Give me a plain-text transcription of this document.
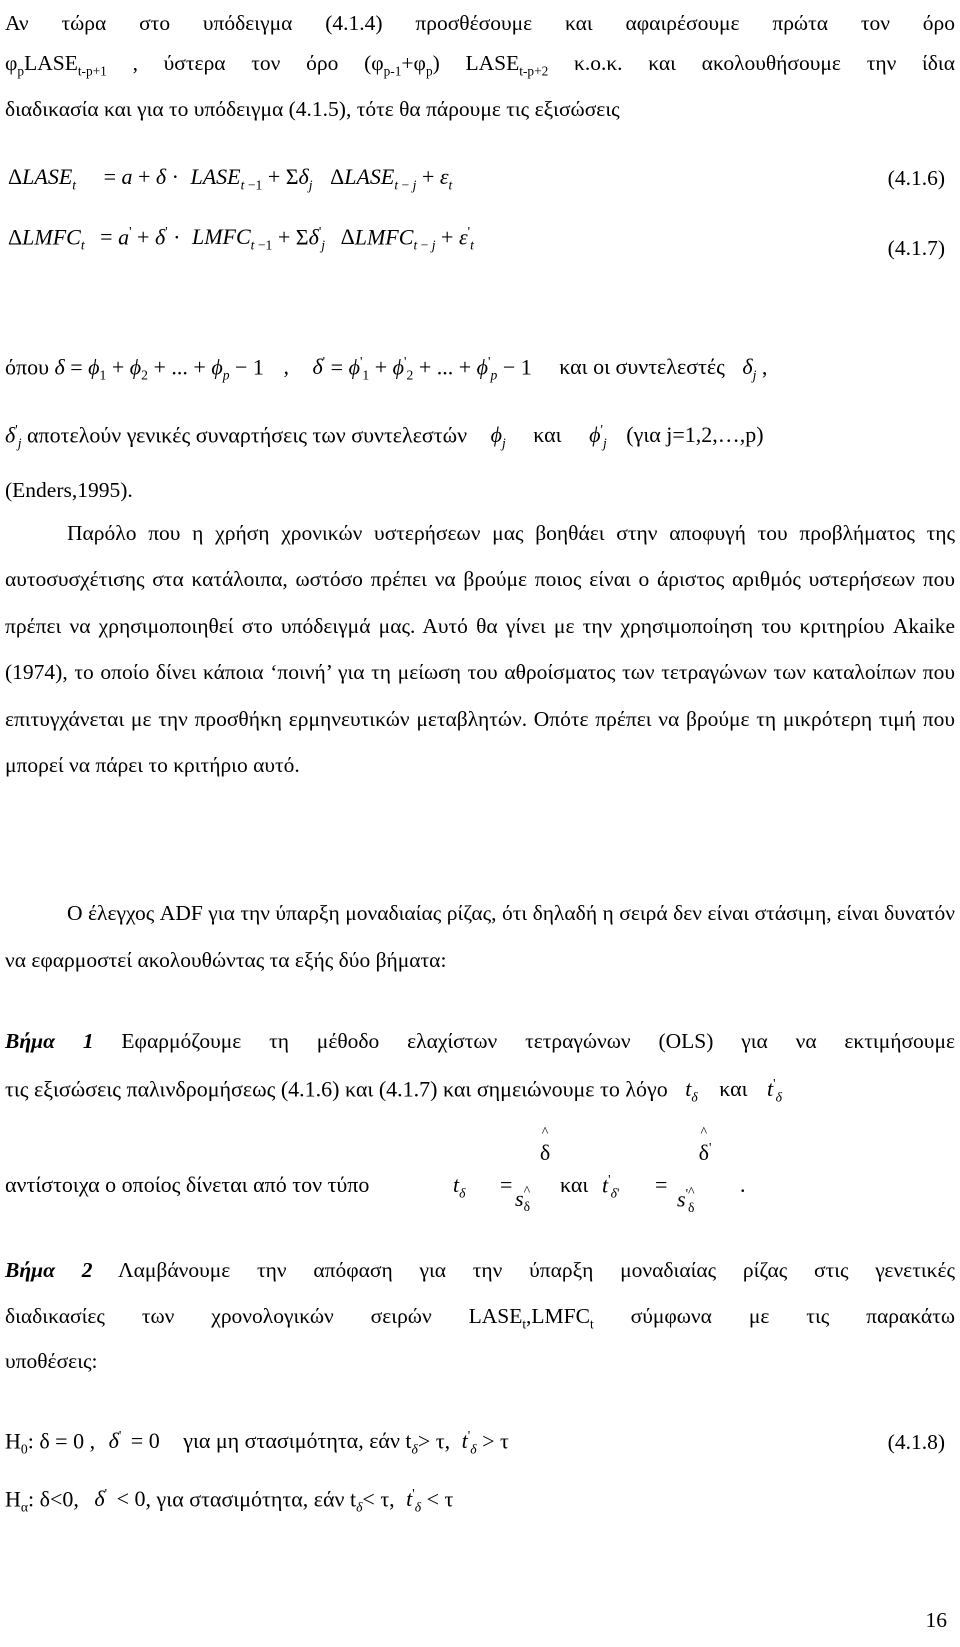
Αν τώρα στο υπόδειγμα (4.1.4) προσθέσουμε και αφαιρέσουμε πρώτα τον όρο
$\varphi_pLASE_{t-p+1}$ , ύστερα τον όρο $(\varphi_{p-1}+\varphi_p)$ $LASE_{t-p+2}$ κ.ο.κ. και ακολουθήσουμε την ίδια
διαδικασία και για το υπόδειγμα (4.1.5), τότε θα πάρουμε τις εξισώσεις
$\Delta LASE_t = a + \delta$ · $LASE_t$ $_{-1} + \Sigma\delta_j$ $\Delta LASE_t$ $_-$ $_j + \varepsilon_t$	(4.1.6)
$\Delta LMFC_t = a' + \delta'$ · $LMFC_t$ $_{-1} + \Sigma\delta'_j$ $\Delta LMFC_t$ $_-$ $_j + \varepsilon'_t$	(4.1.7)
όπου $\delta = \phi_1 + \phi_2$ + ... + $\phi_p - 1$ , $\delta' = \phi'_1 + \phi'_2$ + ... + $\phi'_p - 1$ και οι συντελεστές $\delta_j$ ,
$\delta'_j$ αποτελούν γενικές συναρτήσεις των συντελεστών $\phi_j$ και $\phi'_j$ (για j=1,2,…,p)
(Enders,1995).
Παρόλο που η χρήση χρονικών υστερήσεων μας βοηθάει στην αποφυγή του προβλήματος της αυτοσυσχέτισης στα κατάλοιπα, ωστόσο πρέπει να βρούμε ποιος είναι ο άριστος αριθμός υστερήσεων που πρέπει να χρησιμοποιηθεί στο υπόδειγμά μας. Αυτό θα γίνει με την χρησιμοποίηση του κριτηρίου Akaike (1974), το οποίο δίνει κάποια ‘ποινή’ για τη μείωση του αθροίσματος των τετραγώνων των καταλοίπων που επιτυγχάνεται με την προσθήκη ερμηνευτικών μεταβλητών. Οπότε πρέπει να βρούμε τη μικρότερη τιμή που μπορεί να πάρει το κριτήριο αυτό.
Ο έλεγχος ADF για την ύπαρξη μοναδιαίας ρίζας, ότι δηλαδή η σειρά δεν είναι στάσιμη, είναι δυνατόν να εφαρμοστεί ακολουθώντας τα εξής δύο βήματα:
Βήμα 1 Εφαρμόζουμε τη μέθοδο ελαχίστων τετραγώνων (OLS) για να εκτιμήσουμε
τις εξισώσεις παλινδρομήσεως (4.1.6) και (4.1.7) και σημειώνουμε το λόγο $t_\delta$ και $t'_\delta$
αντίστοιχα ο οποίος δίνεται από τον τύπο	$t_\delta$ =
^ δ
s^ $_\delta$
και $t'_{\delta'}$ =
^ δ'
s'^ $_\delta$
.
Βήμα 2 Λαμβάνουμε την απόφαση για την ύπαρξη μοναδιαίας ρίζας στις γενετικές
διαδικασίες των χρονολογικών σειρών $LASE_t,LMFC_t$ σύμφωνα με τις παρακάτω
υποθέσεις:
$H_0$: δ = 0 , δ' = 0 για μη στασιμότητα, εάν $t_\delta> \tau$, $t'_\delta > \tau$	(4.1.8)
$H_\alpha$: δ<0, δ' < 0, για στασιμότητα, εάν $t_\delta< \tau$, $t'_\delta < \tau$
16
